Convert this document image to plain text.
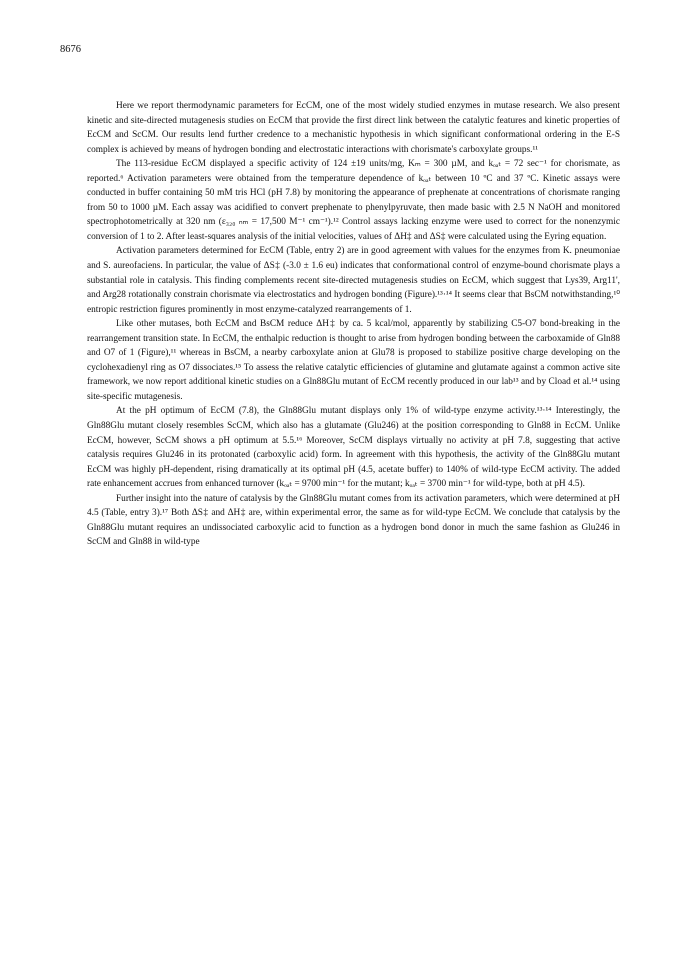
8676

Here we report thermodynamic parameters for EcCM, one of the most widely studied enzymes in mutase research. We also present kinetic and site-directed mutagenesis studies on EcCM that provide the first direct link between the catalytic features and kinetic properties of EcCM and ScCM. Our results lend further credence to a mechanistic hypothesis in which significant conformational ordering in the E-S complex is achieved by means of hydrogen bonding and electrostatic interactions with chorismate's carboxylate groups.¹¹

The 113-residue EcCM displayed a specific activity of 124 ±19 units/mg, Kₘ = 300 µM, and kₒₐₜ = 72 sec⁻¹ for chorismate, as reported.⁶ Activation parameters were obtained from the temperature dependence of kₒₐₜ between 10 ºC and 37 ºC. Kinetic assays were conducted in buffer containing 50 mM tris HCl (pH 7.8) by monitoring the appearance of prephenate at concentrations of chorismate ranging from 50 to 1000 µM. Each assay was acidified to convert prephenate to phenylpyruvate, then made basic with 2.5 N NaOH and monitored spectrophotometrically at 320 nm (ε₃₂₀ ₙₘ = 17,500 M⁻¹ cm⁻¹).¹² Control assays lacking enzyme were used to correct for the nonenzymic conversion of 1 to 2. After least-squares analysis of the initial velocities, values of ΔH‡ and ΔS‡ were calculated using the Eyring equation.

Activation parameters determined for EcCM (Table, entry 2) are in good agreement with values for the enzymes from K. pneumoniae and S. aureofaciens. In particular, the value of ΔS‡ (-3.0 ± 1.6 eu) indicates that conformational control of enzyme-bound chorismate plays a substantial role in catalysis. This finding complements recent site-directed mutagenesis studies on EcCM, which suggest that Lys39, Arg11', and Arg28 rotationally constrain chorismate via electrostatics and hydrogen bonding (Figure).¹³·¹⁴ It seems clear that BsCM notwithstanding,¹⁰ entropic restriction figures prominently in most enzyme-catalyzed rearrangements of 1.

Like other mutases, both EcCM and BsCM reduce ΔH‡ by ca. 5 kcal/mol, apparently by stabilizing C5-O7 bond-breaking in the rearrangement transition state. In EcCM, the enthalpic reduction is thought to arise from hydrogen bonding between the carboxamide of Gln88 and O7 of 1 (Figure),¹¹ whereas in BsCM, a nearby carboxylate anion at Glu78 is proposed to stabilize positive charge developing on the cyclohexadienyl ring as O7 dissociates.¹⁵ To assess the relative catalytic efficiencies of glutamine and glutamate against a common active site framework, we now report additional kinetic studies on a Gln88Glu mutant of EcCM recently produced in our lab¹³ and by Cload et al.¹⁴ using site-specific mutagenesis.

At the pH optimum of EcCM (7.8), the Gln88Glu mutant displays only 1% of wild-type enzyme activity.¹³·¹⁴ Interestingly, the Gln88Glu mutant closely resembles ScCM, which also has a glutamate (Glu246) at the position corresponding to Gln88 in EcCM. Unlike EcCM, however, ScCM shows a pH optimum at 5.5.¹⁶ Moreover, ScCM displays virtually no activity at pH 7.8, suggesting that active catalysis requires Glu246 in its protonated (carboxylic acid) form. In agreement with this hypothesis, the activity of the Gln88Glu mutant EcCM was highly pH-dependent, rising dramatically at its optimal pH (4.5, acetate buffer) to 140% of wild-type EcCM activity. The added rate enhancement accrues from enhanced turnover (kₒₐₜ = 9700 min⁻¹ for the mutant; kₒₐₜ = 3700 min⁻¹ for wild-type, both at pH 4.5).

Further insight into the nature of catalysis by the Gln88Glu mutant comes from its activation parameters, which were determined at pH 4.5 (Table, entry 3).¹⁷ Both ΔS‡ and ΔH‡ are, within experimental error, the same as for wild-type EcCM. We conclude that catalysis by the Gln88Glu mutant requires an undissociated carboxylic acid to function as a hydrogen bond donor in much the same fashion as Glu246 in ScCM and Gln88 in wild-type
